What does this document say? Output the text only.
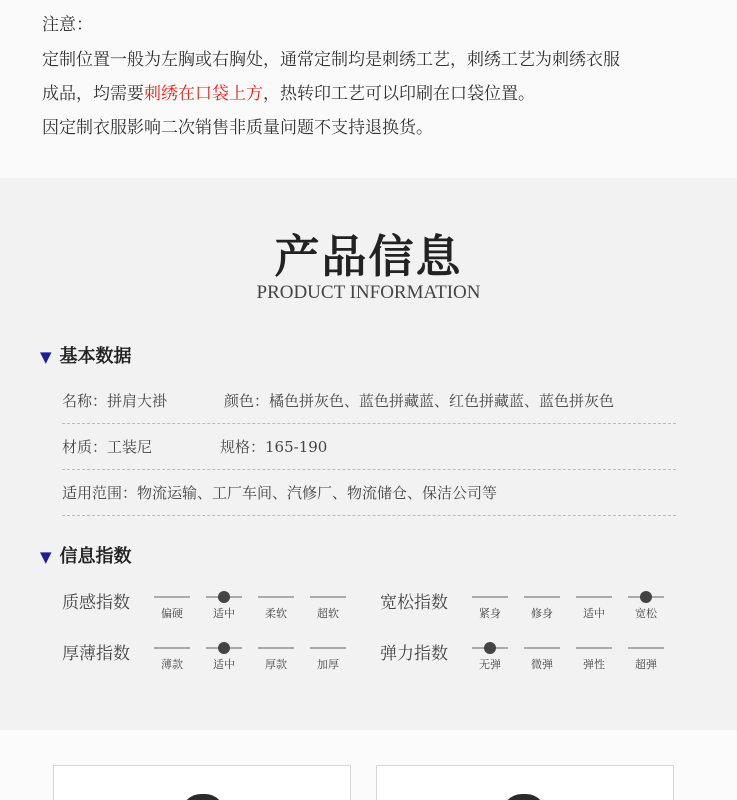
注意：
定制位置一般为左胸或右胸处，通常定制均是刺绣工艺，刺绣工艺为刺绣衣服
成品，均需要刺绣在口袋上方，热转印工艺可以印刷在口袋位置。
因定制衣服影响二次销售非质量问题不支持退换货。
产品信息
PRODUCT INFORMATION
▼ 基本数据
名称：拼肩大褂	颜色：橘色拼灰色、蓝色拼藏蓝、红色拼藏蓝、蓝色拼灰色
材质：工装尼	规格：165-190
适用范围：物流运输、工厂车间、汽修厂、物流储仓、保洁公司等
▼ 信息指数
质感指数
偏硬	适中	柔软	超软
宽松指数
紧身	修身	适中	宽松
厚薄指数
薄款	适中	厚款	加厚
弹力指数
无弹	微弹	弹性	超弹
